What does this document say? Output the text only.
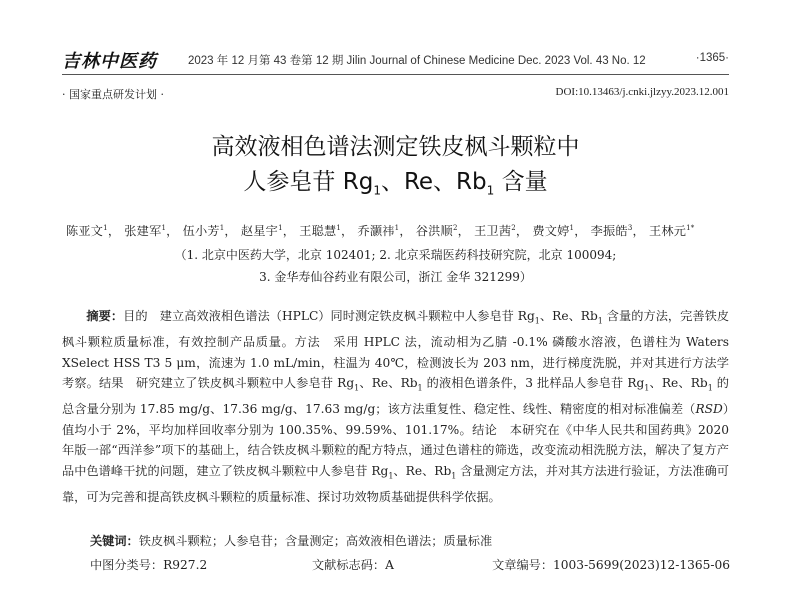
吉林中医药	2023 年 12 月第 43 卷第 12 期 Jilin Journal of Chinese Medicine Dec. 2023 Vol. 43 No. 12	·1365·
· 国家重点研发计划 ·	DOI:10.13463/j.cnki.jlzyy.2023.12.001
高效液相色谱法测定铁皮枫斗颗粒中
人参皂苷 $Rg_1$、Re、$Rb_1$ 含量
陈亚文$^1$， 张建军$^1$， 伍小芳$^1$， 赵星宇$^1$， 王聪慧$^1$， 乔灏祎$^1$， 谷洪顺$^2$， 王卫茜$^2$， 费文婷$^1$， 李振皓$^3$， 王林元$^{1*}$
（1. 北京中医药大学，北京 102401; 2. 北京采瑞医药科技研究院，北京 100094;
3. 金华寿仙谷药业有限公司，浙江 金华 321299）
  摘要：目的　建立高效液相色谱法（HPLC）同时测定铁皮枫斗颗粒中人参皂苷 $Rg_1$、Re、$Rb_1$ 含量的方法，完善铁皮枫斗颗粒质量标准，有效控制产品质量。方法　采用 HPLC 法，流动相为乙腈 -0.1% 磷酸水溶液，色谱柱为 Waters XSelect HSS T3 5 μm，流速为 1.0 mL/min，柱温为 40℃，检测波长为 203 nm，进行梯度洗脱，并对其进行方法学考察。结果　研究建立了铁皮枫斗颗粒中人参皂苷 $Rg_1$、Re、$Rb_1$ 的液相色谱条件，3 批样品人参皂苷 $Rg_1$、Re、$Rb_1$ 的总含量分别为 17.85 mg/g、17.36 mg/g、17.63 mg/g；该方法重复性、稳定性、线性、精密度的相对标准偏差（RSD）值均小于 2%，平均加样回收率分别为 100.35%、99.59%、101.17%。结论　本研究在《中华人民共和国药典》2020 年版一部“西洋参”项下的基础上，结合铁皮枫斗颗粒的配方特点，通过色谱柱的筛选，改变流动相洗脱方法，解决了复方产品中色谱峰干扰的问题，建立了铁皮枫斗颗粒中人参皂苷 $Rg_1$、Re、$Rb_1$ 含量测定方法，并对其方法进行验证，方法准确可靠，可为完善和提高铁皮枫斗颗粒的质量标准、探讨功效物质基础提供科学依据。
关键词：铁皮枫斗颗粒；人参皂苷；含量测定；高效液相色谱法；质量标准
中图分类号：R927.2	文献标志码：A	文章编号：1003-5699(2023)12-1365-06
